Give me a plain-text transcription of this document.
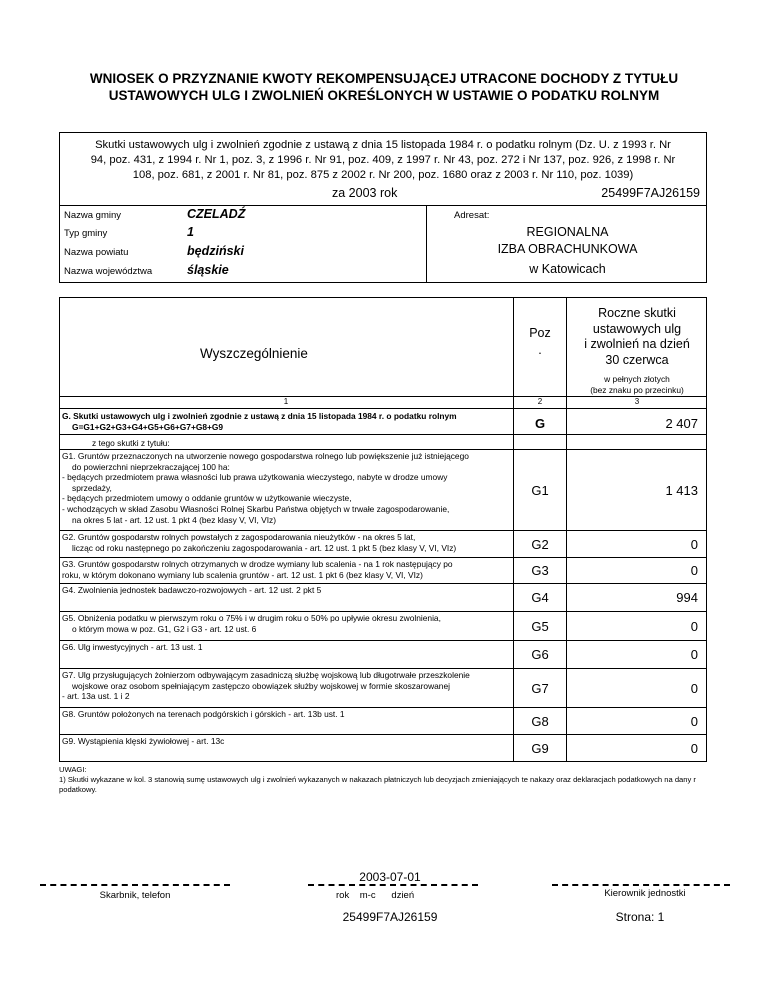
WNIOSEK O PRZYZNANIE KWOTY REKOMPENSUJĄCEJ UTRACONE DOCHODY Z TYTUŁU
USTAWOWYCH ULG I ZWOLNIEŃ OKREŚLONYCH W USTAWIE O PODATKU ROLNYM
Skutki ustawowych ulg i zwolnień zgodnie z ustawą z dnia 15 listopada 1984 r. o podatku rolnym (Dz. U. z 1993 r. Nr
94, poz. 431, z 1994 r. Nr 1, poz. 3, z 1996 r. Nr 91, poz. 409, z 1997 r. Nr 43, poz. 272 i Nr 137, poz. 926, z 1998 r. Nr
108, poz. 681, z 2001 r. Nr 81, poz. 875 z 2002 r. Nr 200, poz. 1680 oraz z 2003 r. Nr 110, poz. 1039)
za 2003 rok	25499F7AJ26159
Nazwa gminy	CZELADŹ
Typ gminy	1
Nazwa powiatu	będziński
Nazwa województwa	śląskie
Adresat:
REGIONALNA
IZBA OBRACHUNKOWA
w Katowicach
Wyszczególnienie
Poz
.
Roczne skutki
ustawowych ulg
i zwolnień na dzień
30 czerwca
w pełnych złotych
(bez znaku po przecinku)
1	2	3
G. Skutki ustawowych ulg i zwolnień zgodnie z ustawą z dnia 15 listopada 1984 r. o podatku rolnym
G=G1+G2+G3+G4+G5+G6+G7+G8+G9	G	2 407
z tego skutki z tytułu:
G1. Gruntów przeznaczonych na utworzenie nowego gospodarstwa rolnego lub powiększenie już istniejącego
do powierzchni nieprzekraczającej 100 ha:
- będących przedmiotem prawa własności lub prawa użytkowania wieczystego, nabyte w drodze umowy
sprzedaży,
- będących przedmiotem umowy o oddanie gruntów w użytkowanie wieczyste,
- wchodzących w skład Zasobu Własności Rolnej Skarbu Państwa objętych w trwałe zagospodarowanie,
na okres 5 lat - art. 12 ust. 1 pkt 4 (bez klasy V, VI, VIz)
G1	1 413
G2. Gruntów gospodarstw rolnych powstałych z zagospodarowania nieużytków - na okres 5 lat,
licząc od roku następnego po zakończeniu zagospodarowania - art. 12 ust. 1 pkt 5 (bez klasy V, VI, VIz)	G2	0
G3. Gruntów gospodarstw rolnych otrzymanych w drodze wymiany lub scalenia - na 1 rok następujący po
roku, w którym dokonano wymiany lub scalenia gruntów - art. 12 ust. 1 pkt 6 (bez klasy V, VI, VIz)	G3	0
G4. Zwolnienia jednostek badawczo-rozwojowych - art. 12 ust. 2 pkt 5	G4	994
G5. Obniżenia podatku w pierwszym roku o 75% i w drugim roku o 50% po upływie okresu zwolnienia,
o którym mowa w poz. G1, G2 i G3 - art. 12 ust. 6	G5	0
G6. Ulg inwestycyjnych - art. 13 ust. 1	G6	0
G7. Ulg przysługujących żołnierzom odbywającym zasadniczą służbę wojskową lub długotrwałe przeszkolenie
wojskowe oraz osobom spełniającym zastępczo obowiązek służby wojskowej w formie skoszarowanej
- art. 13a ust. 1 i 2
G7	0
G8. Gruntów położonych na terenach podgórskich i górskich - art. 13b ust. 1	G8	0
G9. Wystąpienia klęski żywiołowej - art. 13c	G9	0
UWAGI:
1) Skutki wykazane w kol. 3 stanowią sumę ustawowych ulg i zwolnień wykazanych w nakazach płatniczych lub decyzjach zmieniających te nakazy oraz deklaracjach podatkowych na dany r
podatkowy.
2003-07-01
Skarbnik, telefon	rok    m-c      dzień	Kierownik jednostki
25499F7AJ26159	Strona: 1
